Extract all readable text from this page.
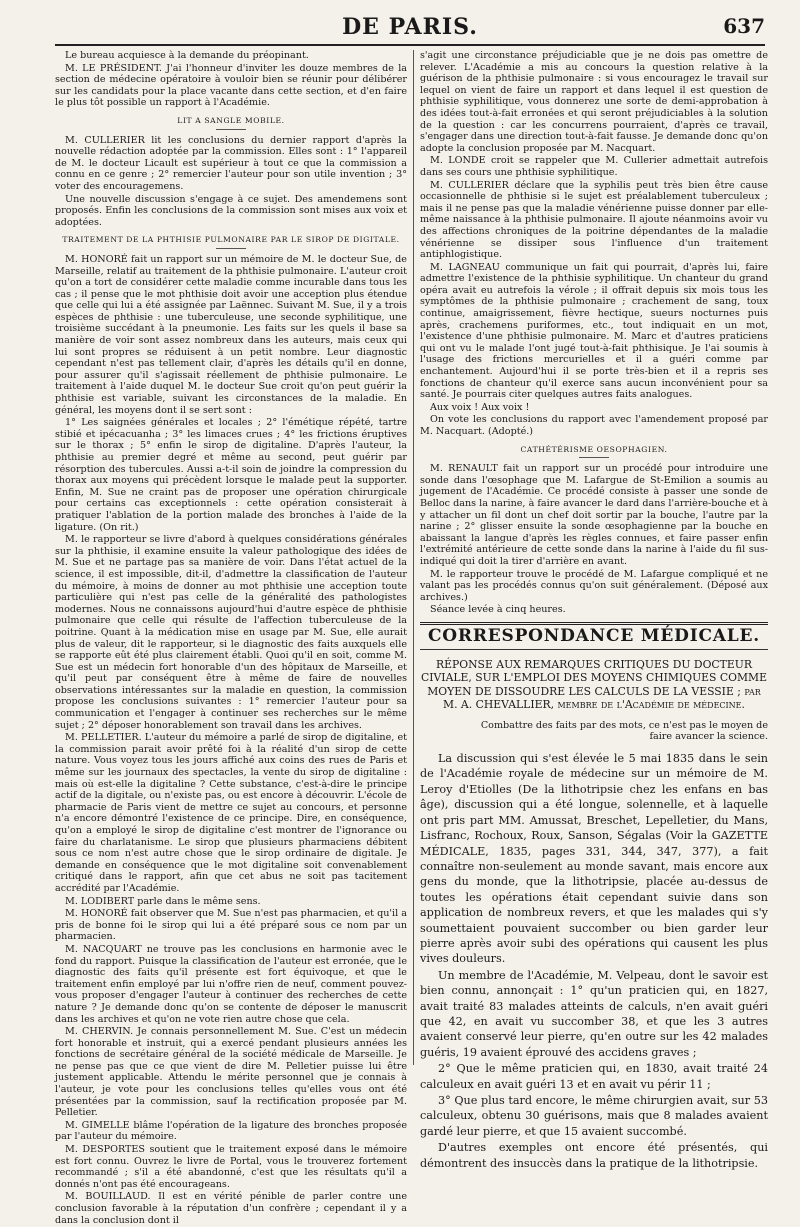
DE PARIS.	637

Le bureau acquiesce à la demande du préopinant.

M. LE PRÉSIDENT. J'ai l'honneur d'inviter les douze membres de la section de médecine opératoire à vouloir bien se réunir pour délibérer sur les candidats pour la place vacante dans cette section, et d'en faire le plus tôt possible un rapport à l'Académie.

LIT A SANGLE MOBILE.

M. CULLERIER lit les conclusions du dernier rapport d'après la nouvelle rédaction adoptée par la commission. Elles sont : 1° l'appareil de M. le docteur Licault est supérieur à tout ce que la commission a connu en ce genre ; 2° remercier l'auteur pour son utile invention ; 3° voter des encouragemens.

Une nouvelle discussion s'engage à ce sujet. Des amendemens sont proposés. Enfin les conclusions de la commission sont mises aux voix et adoptées.

TRAITEMENT DE LA PHTHISIE PULMONAIRE PAR LE SIROP DE DIGITALE.

M. HONORÉ fait un rapport sur un mémoire de M. le docteur Sue, de Marseille, relatif au traitement de la phthisie pulmonaire. L'auteur croit qu'on a tort de considérer cette maladie comme incurable dans tous les cas ; il pense que le mot phthisie doit avoir une acception plus étendue que celle qui lui a été assignée par Laënnec. Suivant M. Sue, il y a trois espèces de phthisie : une tuberculeuse, une seconde syphilitique, une troisième succédant à la pneumonie. Les faits sur les quels il base sa manière de voir sont assez nombreux dans les auteurs, mais ceux qui lui sont propres se réduisent à un petit nombre. Leur diagnostic cependant n'est pas tellement clair, d'après les détails qu'il en donne, pour assurer qu'il s'agissait réellement de phthisie pulmonaire. Le traitement à l'aide duquel M. le docteur Sue croit qu'on peut guérir la phthisie est variable, suivant les circonstances de la maladie. En général, les moyens dont il se sert sont :

1° Les saignées générales et locales ; 2° l'émétique répété, tartre stibié et ipécacuanha ; 3° les limaces crues ; 4° les frictions éruptives sur le thorax ; 5° enfin le sirop de digitaline. D'après l'auteur, la phthisie au premier degré et même au second, peut guérir par résorption des tubercules. Aussi a-t-il soin de joindre la compression du thorax aux moyens qui précèdent lorsque le malade peut la supporter. Enfin, M. Sue ne craint pas de proposer une opération chirurgicale pour certains cas exceptionnels : cette opération consisterait à pratiquer l'ablation de la portion malade des bronches à l'aide de la ligature. (On rit.)

M. le rapporteur se livre d'abord à quelques considérations générales sur la phthisie, il examine ensuite la valeur pathologique des idées de M. Sue et ne partage pas sa manière de voir. Dans l'état actuel de la science, il est impossible, dit-il, d'admettre la classification de l'auteur du mémoire, à moins de donner au mot phthisie une acception toute particulière qui n'est pas celle de la généralité des pathologistes modernes. Nous ne connaissons aujourd'hui d'autre espèce de phthisie pulmonaire que celle qui résulte de l'affection tuberculeuse de la poitrine. Quant à la médication mise en usage par M. Sue, elle aurait plus de valeur, dit le rapporteur, si le diagnostic des faits auxquels elle se rapporte eût été plus clairement établi. Quoi qu'il en soit, comme M. Sue est un médecin fort honorable d'un des hôpitaux de Marseille, et qu'il peut par conséquent être à même de faire de nouvelles observations intéressantes sur la maladie en question, la commission propose les conclusions suivantes : 1° remercier l'auteur pour sa communication et l'engager à continuer ses recherches sur le même sujet ; 2° déposer honorablement son travail dans les archives.

M. PELLETIER. L'auteur du mémoire a parlé de sirop de digitaline, et la commission parait avoir prêté foi à la réalité d'un sirop de cette nature. Vous voyez tous les jours affiché aux coins des rues de Paris et même sur les journaux des spectacles, la vente du sirop de digitaline : mais où est-elle la digitaline ? Cette substance, c'est-à-dire le principe actif de la digitale, ou n'existe pas, ou est encore à découvrir. L'école de pharmacie de Paris vient de mettre ce sujet au concours, et personne n'a encore démontré l'existence de ce principe. Dire, en conséquence, qu'on a employé le sirop de digitaline c'est montrer de l'ignorance ou faire du charlatanisme. Le sirop que plusieurs pharmaciens débitent sous ce nom n'est autre chose que le sirop ordinaire de digitale. Je demande en conséquence que le mot digitaline soit convenablement critiqué dans le rapport, afin que cet abus ne soit pas tacitement accrédité par l'Académie.

M. LODIBERT parle dans le même sens.

M. HONORÉ fait observer que M. Sue n'est pas pharmacien, et qu'il a pris de bonne foi le sirop qui lui a été préparé sous ce nom par un pharmacien.

M. NACQUART ne trouve pas les conclusions en harmonie avec le fond du rapport. Puisque la classification de l'auteur est erronée, que le diagnostic des faits qu'il présente est fort équivoque, et que le traitement enfin employé par lui n'offre rien de neuf, comment pouvez-vous proposer d'engager l'auteur à continuer des recherches de cette nature ? Je demande donc qu'on se contente de déposer le manuscrit dans les archives et qu'on ne vote rien autre chose que cela.

M. CHERVIN. Je connais personnellement M. Sue. C'est un médecin fort honorable et instruit, qui a exercé pendant plusieurs années les fonctions de secrétaire général de la société médicale de Marseille. Je ne pense pas que ce que vient de dire M. Pelletier puisse lui être justement applicable. Attendu le mérite personnel que je connais à l'auteur, je vote pour les conclusions telles qu'elles vous ont été présentées par la commission, sauf la rectification proposée par M. Pelletier.

M. GIMELLE blâme l'opération de la ligature des bronches proposée par l'auteur du mémoire.

M. DESPORTES soutient que le traitement exposé dans le mémoire est fort connu. Ouvrez le livre de Portal, vous le trouverez fortement recommandé ; s'il a été abandonné, c'est que les résultats qu'il a donnés n'ont pas été encourageans.

M. BOUILLAUD. Il est en vérité pénible de parler contre une conclusion favorable à la réputation d'un confrère ; cependant il y a dans la conclusion dont il

s'agit une circonstance préjudiciable que je ne dois pas omettre de relever. L'Académie a mis au concours la question relative à la guérison de la phthisie pulmonaire : si vous encouragez le travail sur lequel on vient de faire un rapport et dans lequel il est question de phthisie syphilitique, vous donnerez une sorte de demi-approbation à des idées tout-à-fait erronées et qui seront préjudiciables à la solution de la question : car les concurrens pourraient, d'après ce travail, s'engager dans une direction tout-à-fait fausse. Je demande donc qu'on adopte la conclusion proposée par M. Nacquart.

M. LONDE croit se rappeler que M. Cullerier admettait autrefois dans ses cours une phthisie syphilitique.

M. CULLERIER déclare que la syphilis peut très bien être cause occasionnelle de phthisie si le sujet est préalablement tuberculeux ; mais il ne pense pas que la maladie vénérienne puisse donner par elle-même naissance à la phthisie pulmonaire. Il ajoute néanmoins avoir vu des affections chroniques de la poitrine dépendantes de la maladie vénérienne se dissiper sous l'influence d'un traitement antiphlogistique.

M. LAGNEAU communique un fait qui pourrait, d'après lui, faire admettre l'existence de la phthisie syphilitique. Un chanteur du grand opéra avait eu autrefois la vérole ; il offrait depuis six mois tous les symptômes de la phthisie pulmonaire ; crachement de sang, toux continue, amaigrissement, fièvre hectique, sueurs nocturnes puis après, crachemens puriformes, etc., tout indiquait en un mot, l'existence d'une phthisie pulmonaire. M. Marc et d'autres praticiens qui ont vu le malade l'ont jugé tout-à-fait phthisique. Je l'ai soumis à l'usage des frictions mercurielles et il a guéri comme par enchantement. Aujourd'hui il se porte très-bien et il a repris ses fonctions de chanteur qu'il exerce sans aucun inconvénient pour sa santé. Je pourrais citer quelques autres faits analogues.

Aux voix ! Aux voix !

On vote les conclusions du rapport avec l'amendement proposé par M. Nacquart. (Adopté.)

CATHÉTÉRISME OESOPHAGIEN.

M. RENAULT fait un rapport sur un procédé pour introduire une sonde dans l'œsophage que M. Lafargue de St-Emilion a soumis au jugement de l'Académie. Ce procédé consiste à passer une sonde de Belloc dans la narine, à faire avancer le dard dans l'arrière-bouche et à y attacher un fil dont un chef doit sortir par la bouche, l'autre par la narine ; 2° glisser ensuite la sonde œsophagienne par la bouche en abaissant la langue d'après les règles connues, et faire passer enfin l'extrémité antérieure de cette sonde dans la narine à l'aide du fil sus-indiqué qui doit la tirer d'arrière en avant.

M. le rapporteur trouve le procédé de M. Lafargue compliqué et ne valant pas les procédés connus qu'on suit généralement. (Déposé aux archives.)

Séance levée à cinq heures.

CORRESPONDANCE MÉDICALE.

RÉPONSE AUX REMARQUES CRITIQUES DU DOCTEUR CIVIALE, SUR L'EMPLOI DES MOYENS CHIMIQUES COMME MOYEN DE DISSOUDRE LES CALCULS DE LA VESSIE ; par M. A. CHEVALLIER, membre de l'Académie de médecine.

Combattre des faits par des mots, ce n'est pas le moyen de faire avancer la science.

La discussion qui s'est élevée le 5 mai 1835 dans le sein de l'Académie royale de médecine sur un mémoire de M. Leroy d'Etiolles (De la lithotripsie chez les enfans en bas âge), discussion qui a été longue, solennelle, et à laquelle ont pris part MM. Amussat, Breschet, Lepelletier, du Mans, Lisfranc, Rochoux, Roux, Sanson, Ségalas (Voir la GAZETTE MÉDICALE, 1835, pages 331, 344, 347, 377), a fait connaître non-seulement au monde savant, mais encore aux gens du monde, que la lithotripsie, placée au-dessus de toutes les opérations était cependant suivie dans son application de nombreux revers, et que les malades qui s'y soumettaient pouvaient succomber ou bien garder leur pierre après avoir subi des opérations qui causent les plus vives douleurs.

Un membre de l'Académie, M. Velpeau, dont le savoir est bien connu, annonçait : 1° qu'un praticien qui, en 1827, avait traité 83 malades atteints de calculs, n'en avait guéri que 42, en avait vu succomber 38, et que les 3 autres avaient conservé leur pierre, qu'en outre sur les 42 malades guéris, 19 avaient éprouvé des accidens graves ;

2° Que le même praticien qui, en 1830, avait traité 24 calculeux en avait guéri 13 et en avait vu périr 11 ;

3° Que plus tard encore, le même chirurgien avait, sur 53 calculeux, obtenu 30 guérisons, mais que 8 malades avaient gardé leur pierre, et que 15 avaient succombé.

D'autres exemples ont encore été présentés, qui démontrent des insuccès dans la pratique de la lithotripsie.
